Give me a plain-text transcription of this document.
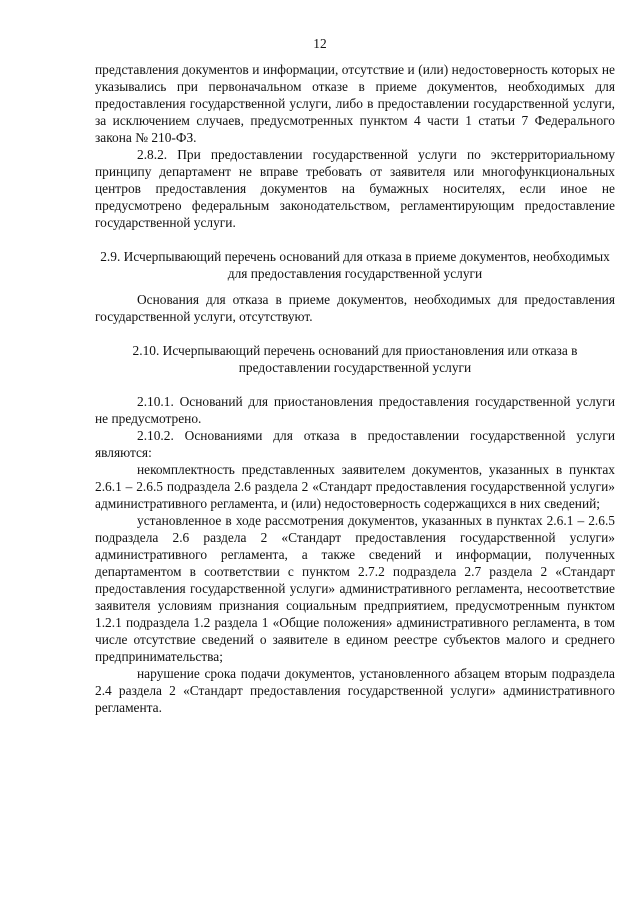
12

представления документов и информации, отсутствие и (или) недостоверность которых не указывались при первоначальном отказе в приеме документов, необходимых для предоставления государственной услуги, либо в предоставлении государственной услуги, за исключением случаев, предусмотренных пунктом 4 части 1 статьи 7 Федерального закона № 210-ФЗ.

2.8.2. При предоставлении государственной услуги по экстерриториальному принципу департамент не вправе требовать от заявителя или многофункциональных центров предоставления документов на бумажных носителях, если иное не предусмотрено федеральным законодательством, регламентирующим предоставление государственной услуги.

2.9. Исчерпывающий перечень оснований для отказа в приеме документов, необходимых для предоставления государственной услуги

Основания для отказа в приеме документов, необходимых для предоставления государственной услуги, отсутствуют.

2.10. Исчерпывающий перечень оснований для приостановления или отказа в предоставлении государственной услуги

2.10.1. Оснований для приостановления предоставления государственной услуги не предусмотрено.

2.10.2. Основаниями для отказа в предоставлении государственной услуги являются:

некомплектность представленных заявителем документов, указанных в пунктах 2.6.1 – 2.6.5 подраздела 2.6 раздела 2 «Стандарт предоставления государственной услуги» административного регламента, и (или) недостоверность содержащихся в них сведений;

установленное в ходе рассмотрения документов, указанных в пунктах 2.6.1 – 2.6.5 подраздела 2.6 раздела 2 «Стандарт предоставления государственной услуги» административного регламента, а также сведений и информации, полученных департаментом в соответствии с пунктом 2.7.2 подраздела 2.7 раздела 2 «Стандарт предоставления государственной услуги» административного регламента, несоответствие заявителя условиям признания социальным предприятием, предусмотренным пунктом 1.2.1 подраздела 1.2 раздела 1 «Общие положения» административного регламента, в том числе отсутствие сведений о заявителе в едином реестре субъектов малого и среднего предпринимательства;

нарушение срока подачи документов, установленного абзацем вторым подраздела 2.4 раздела 2 «Стандарт предоставления государственной услуги» административного регламента.
